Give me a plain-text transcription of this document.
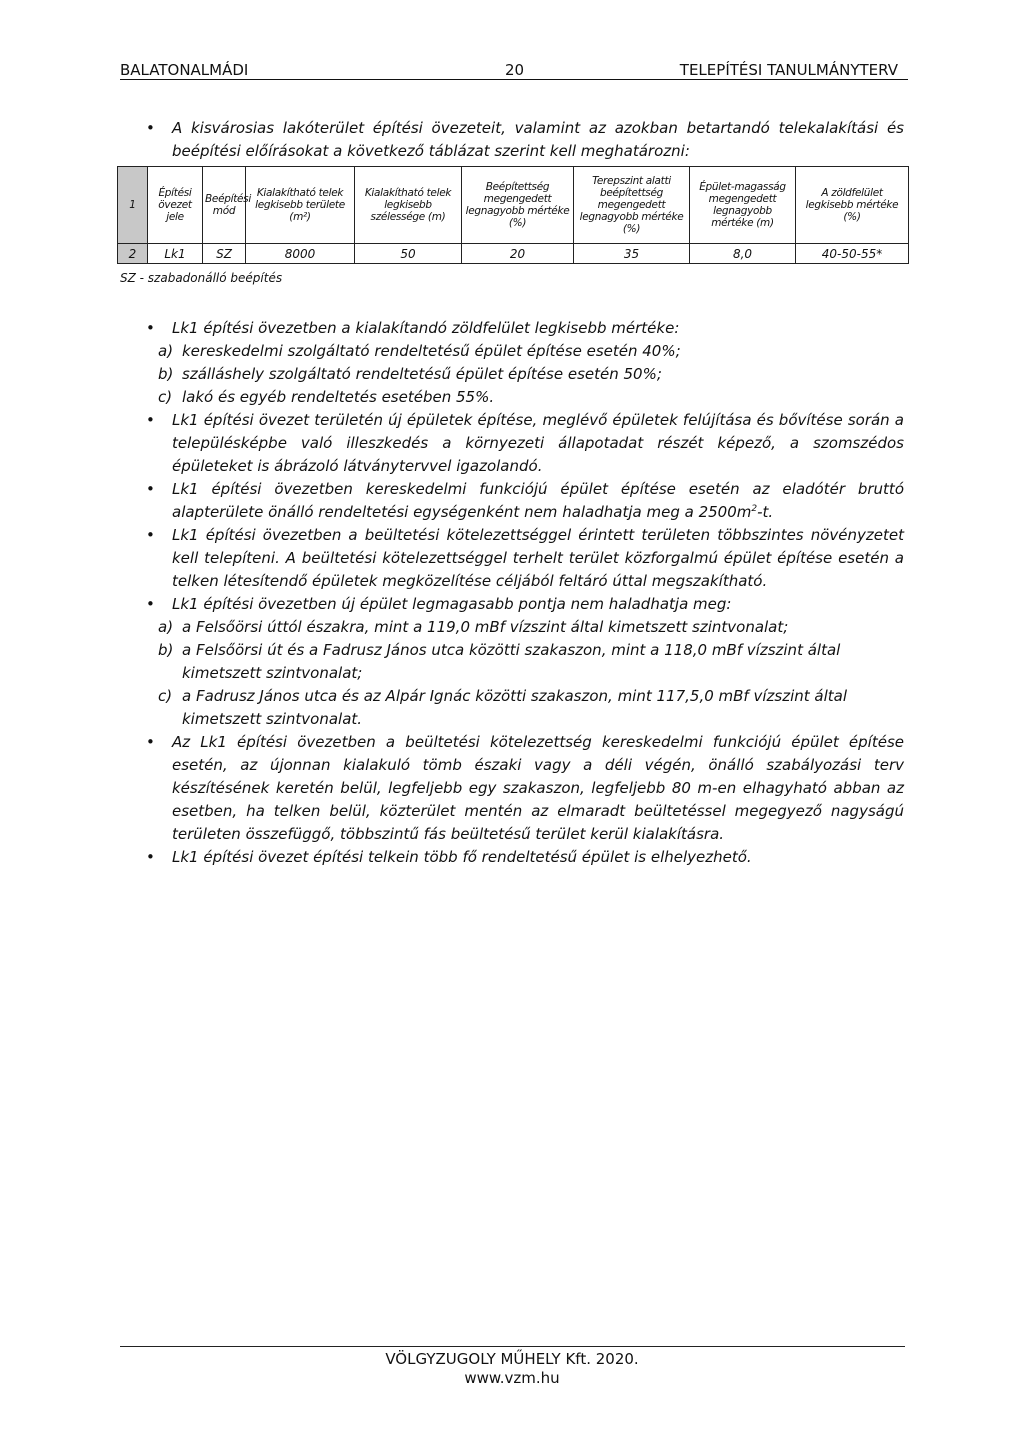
BALATONALMÁDI	20	TELEPÍTÉSI TANULMÁNYTERV
• A kisvárosias lakóterület építési övezeteit, valamint az azokban betartandó telekalakítási és beépítési előírásokat a következő táblázat szerint kell meghatározni:
1	Építési övezet jele	Beépítési mód	Kialakítható telek legkisebb területe (m²)	Kialakítható telek legkisebb szélessége (m)	Beépítettség megengedett legnagyobb mértéke (%)	Terepszint alatti beépítettség megengedett legnagyobb mértéke (%)	Épület-magasság megengedett legnagyobb mértéke (m)	A zöldfelület legkisebb mértéke (%)
2	Lk1	SZ	8000	50	20	35	8,0	40-50-55*
SZ - szabadonálló beépítés
• Lk1 építési övezetben a kialakítandó zöldfelület legkisebb mértéke:
a) kereskedelmi szolgáltató rendeltetésű épület építése esetén 40%;
b) szálláshely szolgáltató rendeltetésű épület építése esetén 50%;
c) lakó és egyéb rendeltetés esetében 55%.
• Lk1 építési övezet területén új épületek építése, meglévő épületek felújítása és bővítése során a településképbe való illeszkedés a környezeti állapotadat részét képező, a szomszédos épületeket is ábrázoló látványtervvel igazolandó.
• Lk1 építési övezetben kereskedelmi funkciójú épület építése esetén az eladótér bruttó alapterülete önálló rendeltetési egységenként nem haladhatja meg a $2500m^2-t$.
• Lk1 építési övezetben a beültetési kötelezettséggel érintett területen többszintes növényzetet kell telepíteni. A beültetési kötelezettséggel terhelt terület közforgalmú épület építése esetén a telken létesítendő épületek megközelítése céljából feltáró úttal megszakítható.
• Lk1 építési övezetben új épület legmagasabb pontja nem haladhatja meg:
a) a Felsőörsi úttól északra, mint a 119,0 mBf vízszint által kimetszett szintvonalat;
b) a Felsőörsi út és a Fadrusz János utca közötti szakaszon, mint a 118,0 mBf vízszint által kimetszett szintvonalat;
c) a Fadrusz János utca és az Alpár Ignác közötti szakaszon, mint 117,5,0 mBf vízszint által kimetszett szintvonalat.
• Az Lk1 építési övezetben a beültetési kötelezettség kereskedelmi funkciójú épület építése esetén, az újonnan kialakuló tömb északi vagy a déli végén, önálló szabályozási terv készítésének keretén belül, legfeljebb egy szakaszon, legfeljebb 80 m-en elhagyható abban az esetben, ha telken belül, közterület mentén az elmaradt beültetéssel megegyező nagyságú területen összefüggő, többszintű fás beültetésű terület kerül kialakításra.
• Lk1 építési övezet építési telkein több fő rendeltetésű épület is elhelyezhető.
VÖLGYZUGOLY MŰHELY Kft. 2020.
www.vzm.hu
